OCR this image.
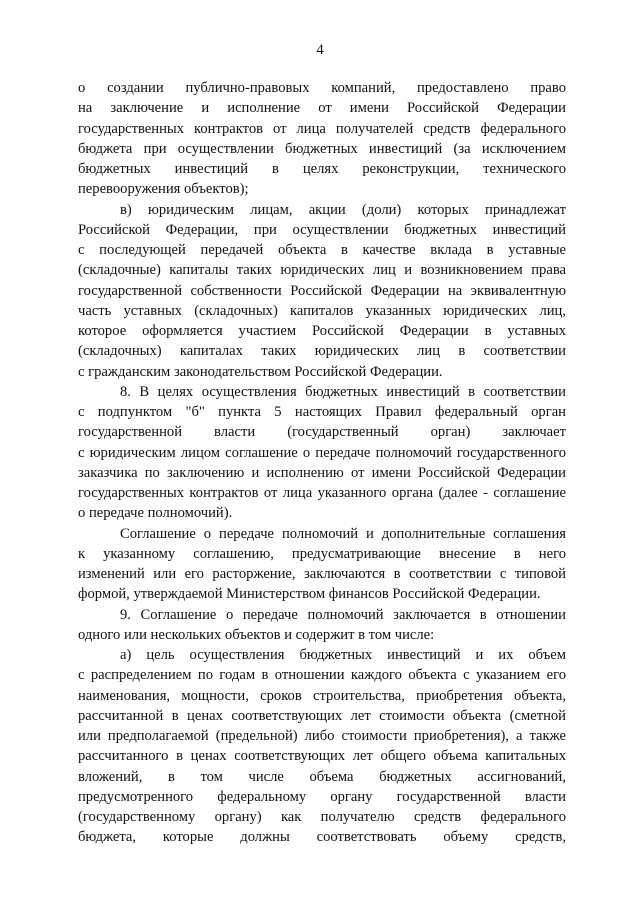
4
о создании публично-правовых компаний, предоставлено право
на заключение и исполнение от имени Российской Федерации
государственных контрактов от лица получателей средств федерального
бюджета при осуществлении бюджетных инвестиций (за исключением
бюджетных инвестиций в целях реконструкции, технического
перевооружения объектов);
в) юридическим лицам, акции (доли) которых принадлежат
Российской Федерации, при осуществлении бюджетных инвестиций
с последующей передачей объекта в качестве вклада в уставные
(складочные) капиталы таких юридических лиц и возникновением права
государственной собственности Российской Федерации на эквивалентную
часть уставных (складочных) капиталов указанных юридических лиц,
которое оформляется участием Российской Федерации в уставных
(складочных) капиталах таких юридических лиц в соответствии
с гражданским законодательством Российской Федерации.
8. В целях осуществления бюджетных инвестиций в соответствии
с подпунктом "б" пункта 5 настоящих Правил федеральный орган
государственной власти (государственный орган) заключает
с юридическим лицом соглашение о передаче полномочий государственного
заказчика по заключению и исполнению от имени Российской Федерации
государственных контрактов от лица указанного органа (далее - соглашение
о передаче полномочий).
Соглашение о передаче полномочий и дополнительные соглашения
к указанному соглашению, предусматривающие внесение в него
изменений или его расторжение, заключаются в соответствии с типовой
формой, утверждаемой Министерством финансов Российской Федерации.
9. Соглашение о передаче полномочий заключается в отношении
одного или нескольких объектов и содержит в том числе:
а) цель осуществления бюджетных инвестиций и их объем
с распределением по годам в отношении каждого объекта с указанием его
наименования, мощности, сроков строительства, приобретения объекта,
рассчитанной в ценах соответствующих лет стоимости объекта (сметной
или предполагаемой (предельной) либо стоимости приобретения), а также
рассчитанного в ценах соответствующих лет общего объема капитальных
вложений, в том числе объема бюджетных ассигнований,
предусмотренного федеральному органу государственной власти
(государственному органу) как получателю средств федерального
бюджета, которые должны соответствовать объему средств,
